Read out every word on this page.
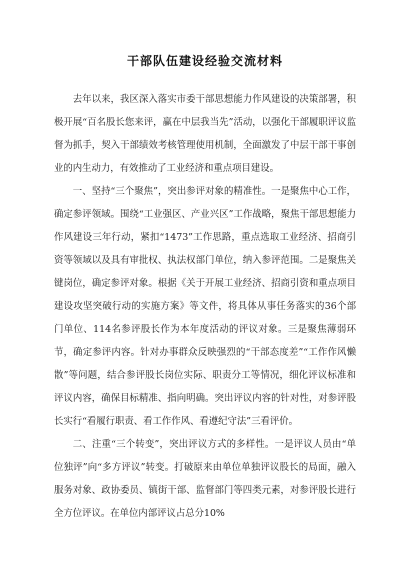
干部队伍建设经验交流材料

去年以来，我区深入落实市委干部思想能力作风建设的决策部署，积极开展“百名股长您来评，赢在中层我当先”活动，以强化干部履职评议监督为抓手，契入干部绩效考核管理使用机制，全面激发了中层干部干事创业的内生动力，有效推动了工业经济和重点项目建设。

一、坚持“三个聚焦”，突出参评对象的精准性。一是聚焦中心工作，确定参评领域。围绕“工业强区、产业兴区”工作战略，聚焦干部思想能力作风建设三年行动，紧扣“1473”工作思路，重点选取工业经济、招商引资等领域以及具有审批权、执法权部门单位，纳入参评范围。二是聚焦关键岗位，确定参评对象。根据《关于开展工业经济、招商引资和重点项目建设攻坚突破行动的实施方案》等文件，将具体从事任务落实的36个部门单位、114名参评股长作为本年度活动的评议对象。三是聚焦薄弱环节，确定参评内容。针对办事群众反映强烈的“干部态度差”“工作作风懒散”等问题，结合参评股长岗位实际、职责分工等情况，细化评议标准和评议内容，确保目标精准、指向明确。突出评议内容的针对性，对参评股长实行“看履行职责、看工作作风、看遵纪守法”三看评价。

二、注重“三个转变”，突出评议方式的多样性。一是评议人员由“单位独评”向“多方评议”转变。打破原来由单位单独评议股长的局面，融入服务对象、政协委员、镇街干部、监督部门等四类元素，对参评股长进行全方位评议。在单位内部评议占总分10%
